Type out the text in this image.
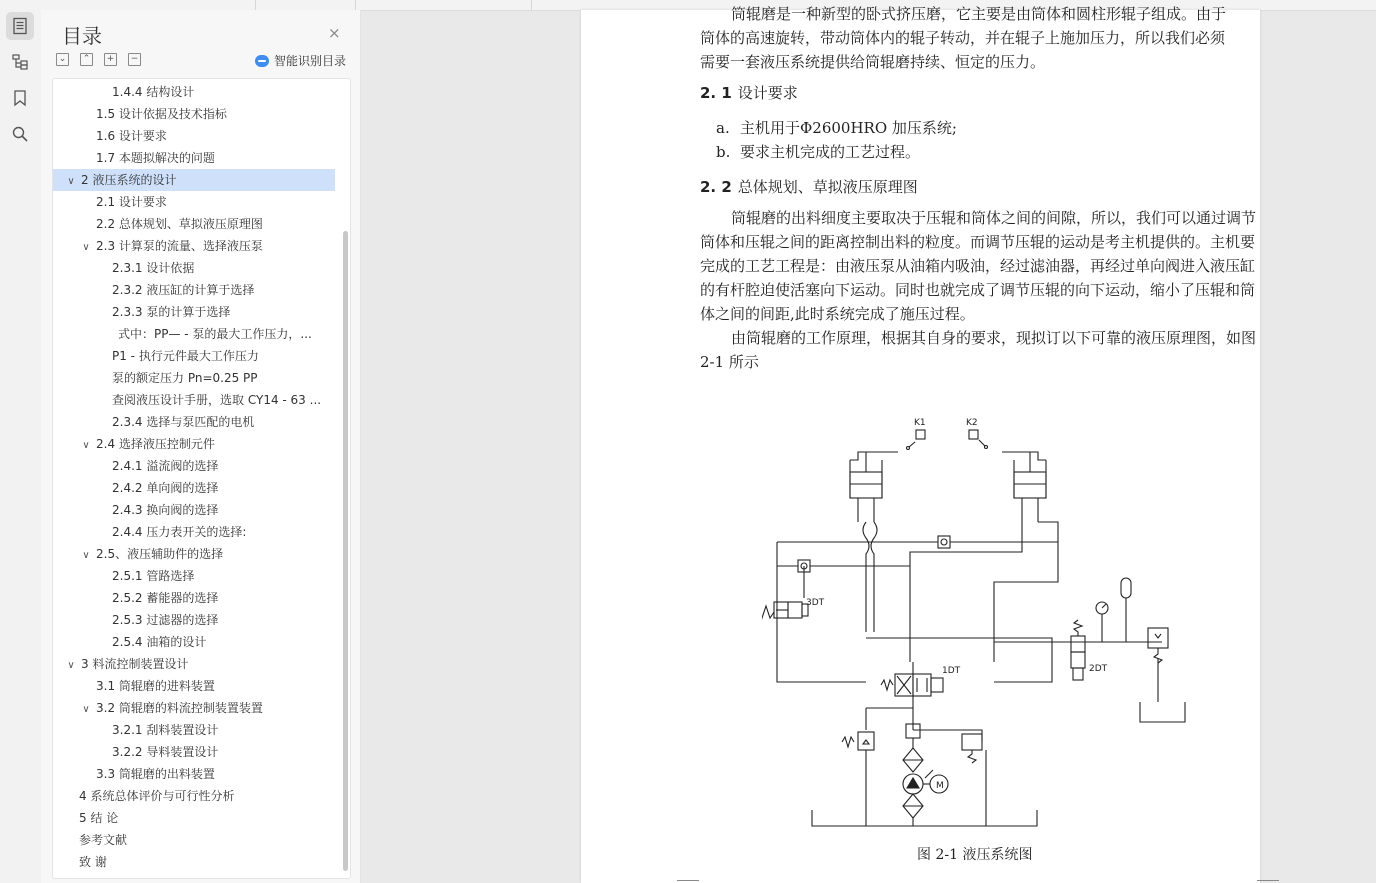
目录	×
⌄	⌃	+	−	智能识别目录
1.4.4 结构设计
1.5 设计依据及技术指标
1.6 设计要求
1.7 本题拟解决的问题
∨ 2 液压系统的设计
2.1 设计要求
2.2 总体规划、草拟液压原理图
∨ 2.3 计算泵的流量、选择液压泵
2.3.1 设计依据
2.3.2 液压缸的计算于选择
2.3.3 泵的计算于选择
式中：PP— - 泵的最大工作压力，...
P1 - 执行元件最大工作压力
泵的额定压力 Pn=0.25 PP
查阅液压设计手册，选取 CY14 - 63 ...
2.3.4 选择与泵匹配的电机
∨ 2.4 选择液压控制元件
2.4.1 溢流阀的选择
2.4.2 单向阀的选择
2.4.3 换向阀的选择
2.4.4 压力表开关的选择:
∨ 2.5、液压辅助件的选择
2.5.1 管路选择
2.5.2 蓄能器的选择
2.5.3 过滤器的选择
2.5.4 油箱的设计
∨ 3 料流控制装置设计
3.1 筒辊磨的进料装置
∨ 3.2 筒辊磨的料流控制装置装置
3.2.1 刮料装置设计
3.2.2 导料装置设计
3.3 筒辊磨的出料装置
4 系统总体评价与可行性分析
5 结 论
参考文献
致 谢
筒辊磨是一种新型的卧式挤压磨，它主要是由筒体和圆柱形辊子组成。由于
筒体的高速旋转，带动筒体内的辊子转动，并在辊子上施加压力，所以我们必须
需要一套液压系统提供给筒辊磨持续、恒定的压力。
2. 1 设计要求
a. 主机用于Φ2600HRO 加压系统;
b. 要求主机完成的工艺过程。
2. 2 总体规划、草拟液压原理图
筒辊磨的出料细度主要取决于压辊和筒体之间的间隙，所以，我们可以通过调节筒体和压辊之间的距离控制出料的粒度。而调节压辊的运动是考主机提供的。主机要完成的工艺工程是：由液压泵从油箱内吸油，经过滤油器，再经过单向阀进入液压缸的有杆腔迫使活塞向下运动。同时也就完成了调节压辊的向下运动，缩小了压辊和筒体之间的间距,此时系统完成了施压过程。
由筒辊磨的工作原理，根据其自身的要求，现拟订以下可靠的液压原理图，如图 2-1 所示
K1	K2
3DT
1DT	2DT
M
图 2-1 液压系统图
